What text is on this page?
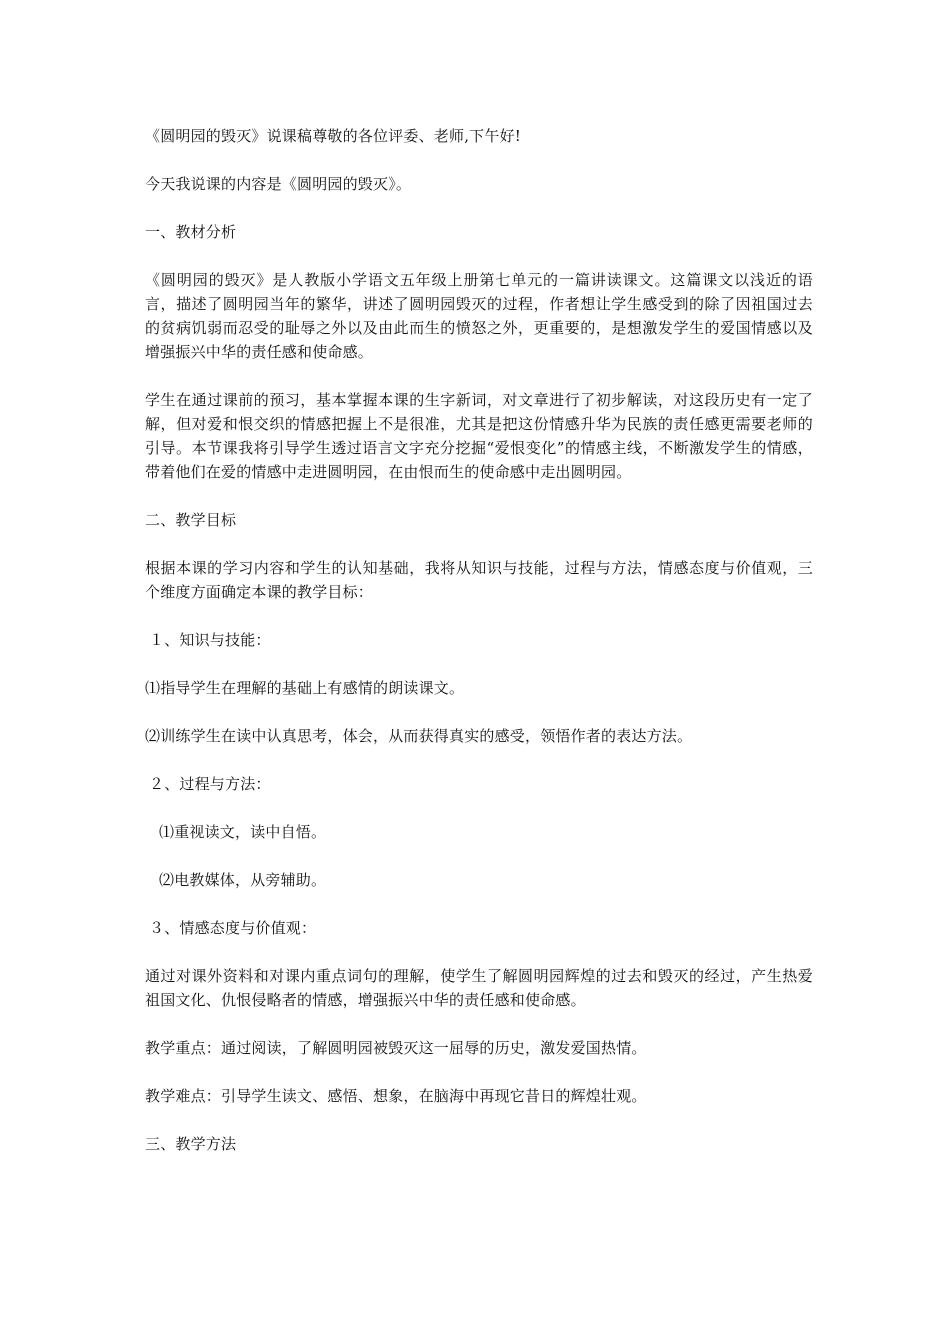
《圆明园的毁灭》说课稿尊敬的各位评委、老师,下午好!

今天我说课的内容是《圆明园的毁灭》。

一、教材分析

《圆明园的毁灭》是人教版小学语文五年级上册第七单元的一篇讲读课文。这篇课文以浅近的语言，描述了圆明园当年的繁华，讲述了圆明园毁灭的过程，作者想让学生感受到的除了因祖国过去的贫病饥弱而忍受的耻辱之外以及由此而生的愤怒之外，更重要的，是想激发学生的爱国情感以及增强振兴中华的责任感和使命感。

学生在通过课前的预习，基本掌握本课的生字新词，对文章进行了初步解读，对这段历史有一定了解，但对爱和恨交织的情感把握上不是很准，尤其是把这份情感升华为民族的责任感更需要老师的引导。本节课我将引导学生透过语言文字充分挖掘“爱恨变化”的情感主线，不断激发学生的情感，带着他们在爱的情感中走进圆明园，在由恨而生的使命感中走出圆明园。

二、教学目标

根据本课的学习内容和学生的认知基础，我将从知识与技能，过程与方法，情感态度与价值观，三个维度方面确定本课的教学目标：

１、知识与技能：

⑴指导学生在理解的基础上有感情的朗读课文。

⑵训练学生在读中认真思考，体会，从而获得真实的感受，领悟作者的表达方法。

２、过程与方法：

⑴重视读文，读中自悟。

⑵电教媒体，从旁辅助。

３、情感态度与价值观：

通过对课外资料和对课内重点词句的理解，使学生了解圆明园辉煌的过去和毁灭的经过，产生热爱祖国文化、仇恨侵略者的情感，增强振兴中华的责任感和使命感。

教学重点：通过阅读，了解圆明园被毁灭这一屈辱的历史，激发爱国热情。

教学难点：引导学生读文、感悟、想象，在脑海中再现它昔日的辉煌壮观。

三、教学方法
